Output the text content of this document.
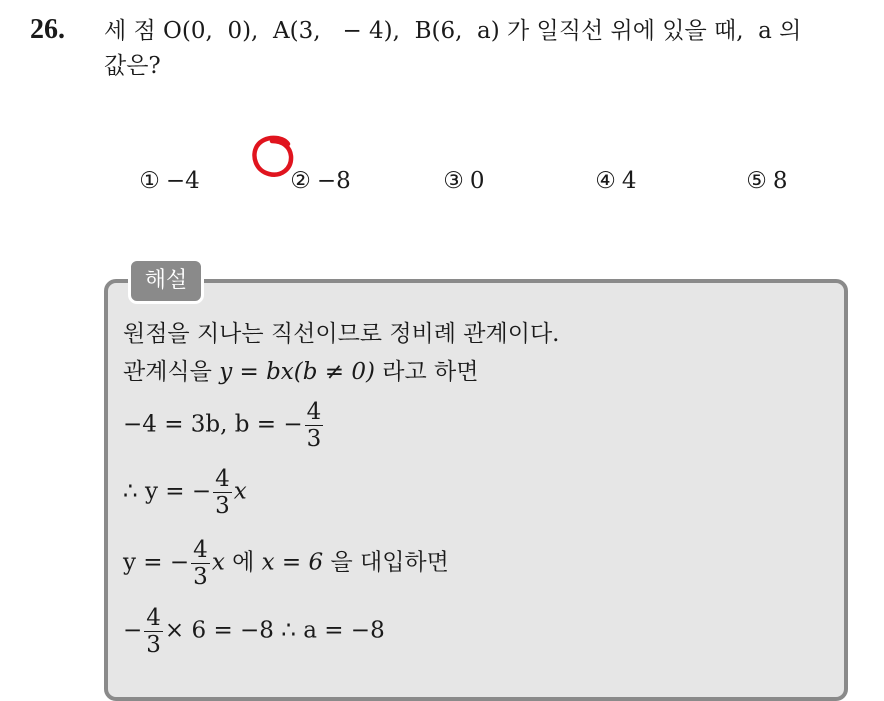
26. 세 점 O(0,  0),  A(3,   − 4),  B(6,  a) 가 일직선 위에 있을 때,  a 의
값은?

① −4
	② −8
	③ 0
	④ 4
	⑤ 8

해설
원점을 지나는 직선이므로 정비례 관계이다.
관계식을 y = bx(b ≠ 0) 라고 하면
−4 = 3b, b = − $\frac{4}{3}$
∴ y = − $\frac{4}{3}$ x
y = − $\frac{4}{3}$ x 에 x = 6 을 대입하면
− $\frac{4}{3} \times 6 = -8$ ∴ a = −8
